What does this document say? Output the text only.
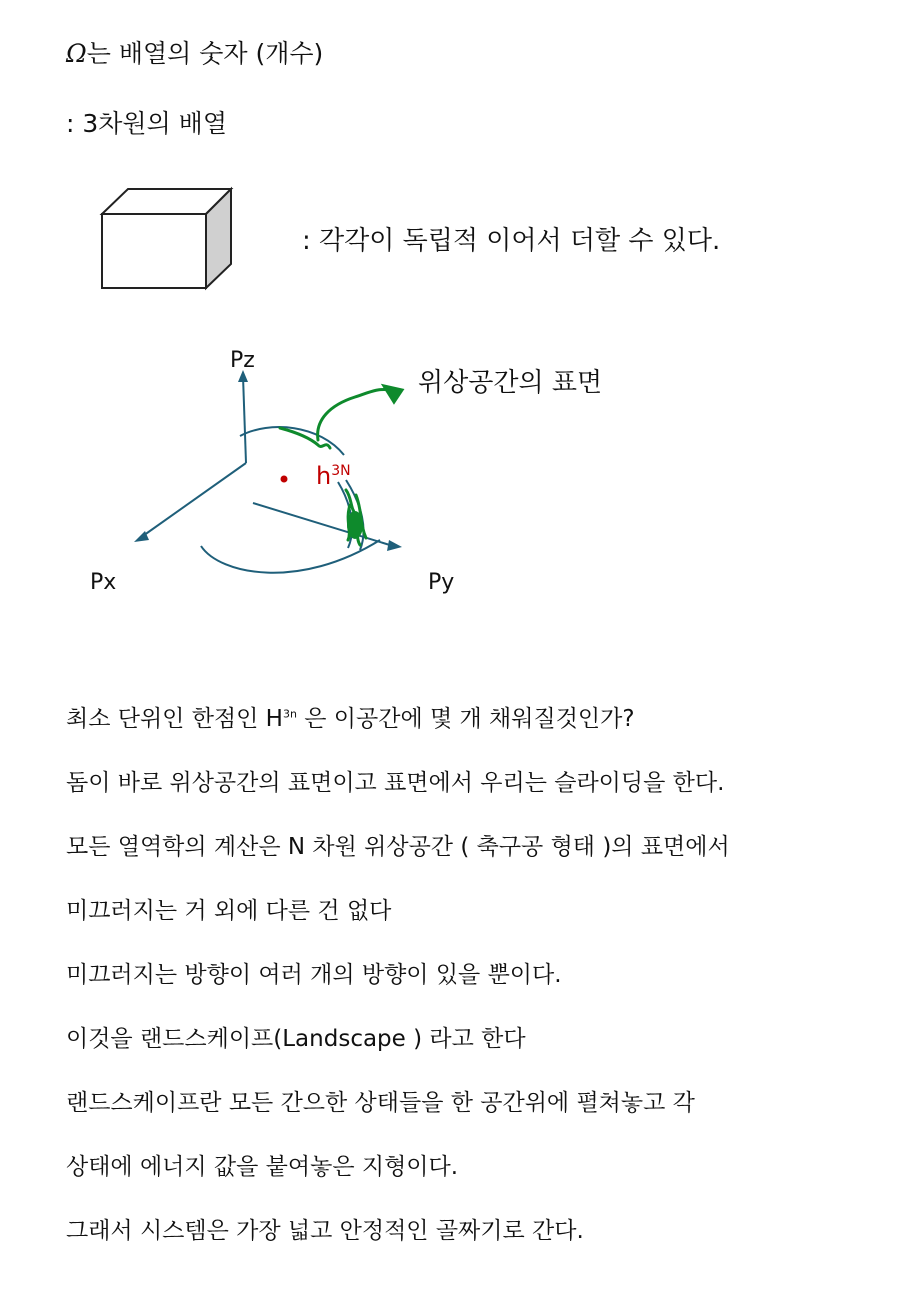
Ω는 배열의 숫자 (개수)
: 3차원의 배열
: 각각이 독립적 이어서 더할 수 있다.
Pz
Px	Py
위상공간의 표면
$h^{3N}$
최소 단위인 한점인 $H^{3n}$ 은 이공간에 몇 개 채워질것인가?
돔이 바로 위상공간의 표면이고 표면에서 우리는 슬라이딩을 한다.
모든 열역학의 계산은 N 차원 위상공간 ( 축구공 형태 )의 표면에서
미끄러지는 거 외에 다른 건 없다
미끄러지는 방향이 여러 개의 방향이 있을 뿐이다.
이것을 랜드스케이프(Landscape ) 라고 한다
랜드스케이프란 모든 간으한 상태들을 한 공간위에 펼쳐놓고 각
상태에 에너지 값을 붙여놓은 지형이다.
그래서 시스템은 가장 넓고 안정적인 골짜기로 간다.
